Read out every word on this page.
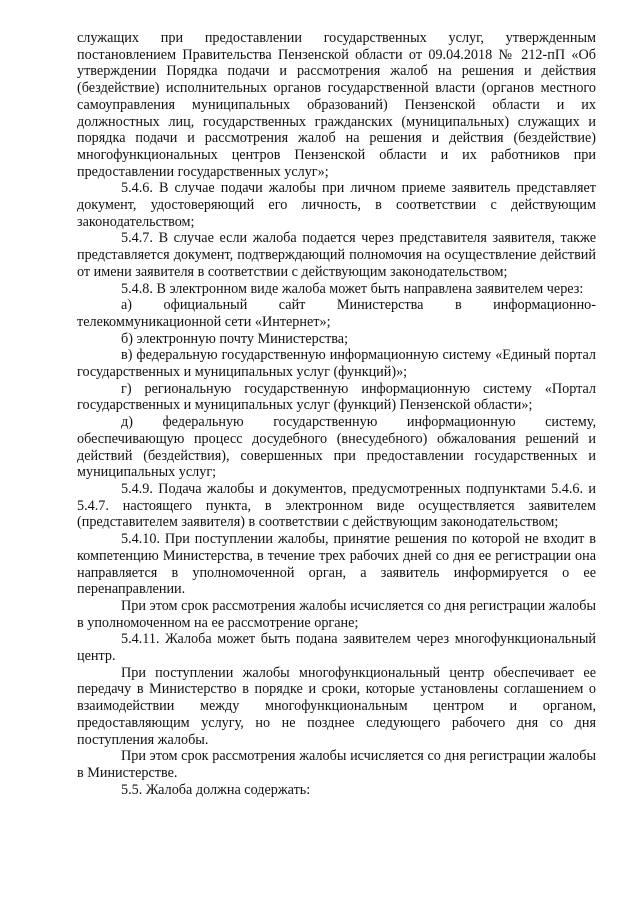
служащих при предоставлении государственных услуг, утвержденным постановлением Правительства Пензенской области от 09.04.2018 № 212-пП «Об утверждении Порядка подачи и рассмотрения жалоб на решения и действия (бездействие) исполнительных органов государственной власти (органов местного самоуправления муниципальных образований) Пензенской области и их должностных лиц, государственных гражданских (муниципальных) служащих и порядка подачи и рассмотрения жалоб на решения и действия (бездействие) многофункциональных центров Пензенской области и их работников при предоставлении государственных услуг»;

5.4.6. В случае подачи жалобы при личном приеме заявитель представляет документ, удостоверяющий его личность, в соответствии с действующим законодательством;

5.4.7. В случае если жалоба подается через представителя заявителя, также представляется документ, подтверждающий полномочия на осуществление действий от имени заявителя в соответствии с действующим законодательством;

5.4.8. В электронном виде жалоба может быть направлена заявителем через:

а) официальный сайт Министерства в информационно-телекоммуникационной сети «Интернет»;

б) электронную почту Министерства;

в) федеральную государственную информационную систему «Единый портал государственных и муниципальных услуг (функций)»;

г) региональную государственную информационную систему «Портал государственных и муниципальных услуг (функций) Пензенской области»;

д) федеральную государственную информационную систему, обеспечивающую процесс досудебного (внесудебного) обжалования решений и действий (бездействия), совершенных при предоставлении государственных и муниципальных услуг;

5.4.9. Подача жалобы и документов, предусмотренных подпунктами 5.4.6. и 5.4.7. настоящего пункта, в электронном виде осуществляется заявителем (представителем заявителя) в соответствии с действующим законодательством;

5.4.10. При поступлении жалобы, принятие решения по которой не входит в компетенцию Министерства, в течение трех рабочих дней со дня ее регистрации она направляется в уполномоченной орган, а заявитель информируется о ее перенаправлении.

При этом срок рассмотрения жалобы исчисляется со дня регистрации жалобы в уполномоченном на ее рассмотрение органе;

5.4.11. Жалоба может быть подана заявителем через многофункциональный центр.

При поступлении жалобы многофункциональный центр обеспечивает ее передачу в Министерство в порядке и сроки, которые установлены соглашением о взаимодействии между многофункциональным центром и органом, предоставляющим услугу, но не позднее следующего рабочего дня со дня поступления жалобы.

При этом срок рассмотрения жалобы исчисляется со дня регистрации жалобы в Министерстве.

5.5. Жалоба должна содержать:
